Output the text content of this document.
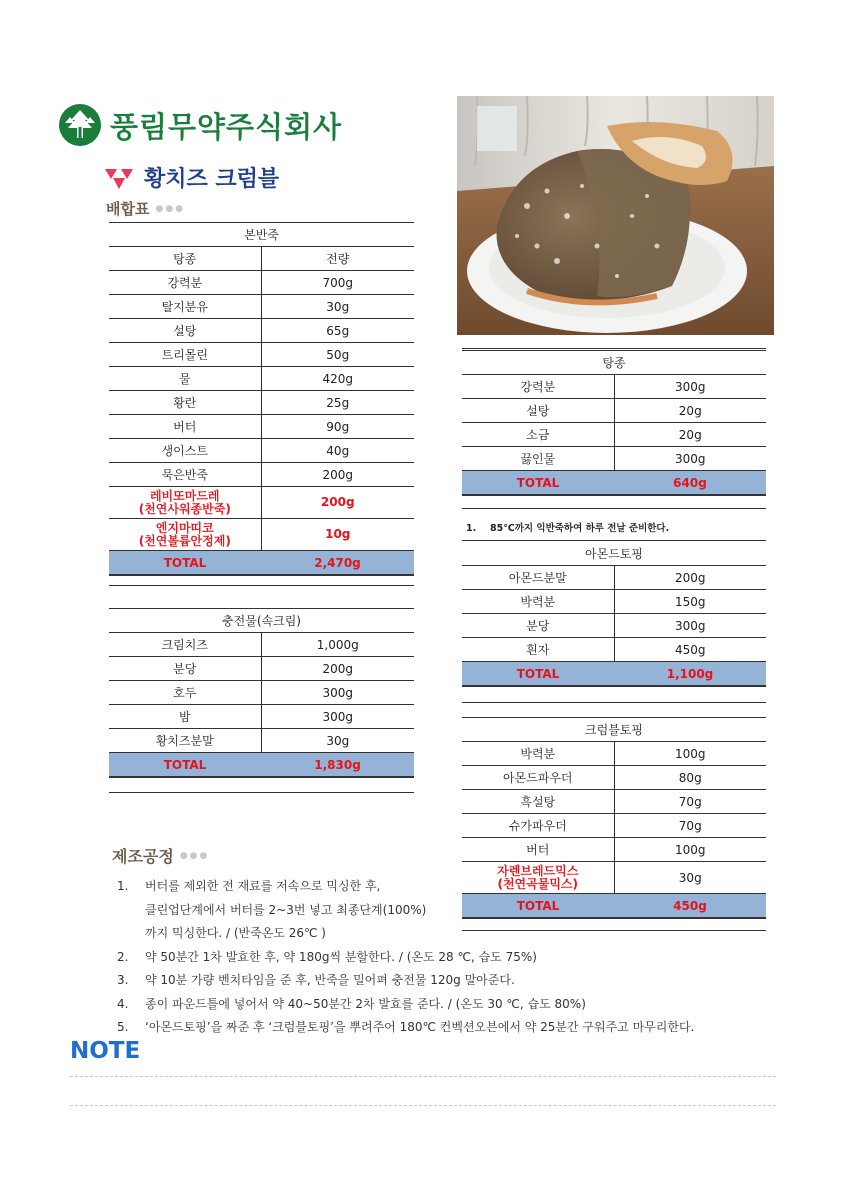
풍림무약주식회사
황치즈 크럼블
배합표 ●●●
본반죽	
탕종	전량
강력분	700g
탈지분유	30g
설탕	65g
트리몰린	50g
물	420g
황란	25g
버터	90g
생이스트	40g
묵은반죽	200g
레비또마드레
(천연사워종반죽)	200g
엔지마띠코
(천연볼륨안정제)	10g
TOTAL	2,470g
충전물(속크림)	
크림치즈	1,000g
분당	200g
호두	300g
밤	300g
황치즈분말	30g
TOTAL	1,830g
탕종	
강력분	300g
설탕	20g
소금	20g
끓인물	300g
TOTAL	640g
1. 85℃까지 익반죽하여 하루 전날 준비한다.
아몬드토핑	
아몬드분말	200g
박력분	150g
분당	300g
흰자	450g
TOTAL	1,100g
크럼블토핑	
박력분	100g
아몬드파우더	80g
흑설탕	70g
슈가파우더	70g
버터	100g
자렌브레드믹스
(천연곡물믹스)	30g
TOTAL	450g
제조공정 ●●●
1.	버터를 제외한 전 재료를 저속으로 믹싱한 후,
클린업단계에서 버터를 2~3번 넣고 최종단계(100%)
까지 믹싱한다. / (반죽온도 26℃ )
2.	약 50분간 1차 발효한 후, 약 180g씩 분할한다. / (온도 28 ℃, 습도 75%)
3.	약 10분 가량 벤치타임을 준 후, 반죽을 밀어펴 충전물 120g 말아준다.
4.	종이 파운드틀에 넣어서 약 40~50분간 2차 발효를 준다. / (온도 30 ℃, 습도 80%)
5.	‘아몬드토핑’을 짜준 후 ‘크럼블토핑’을 뿌려주어 180℃ 컨벡션오븐에서 약 25분간 구워주고 마무리한다.
NOTE
